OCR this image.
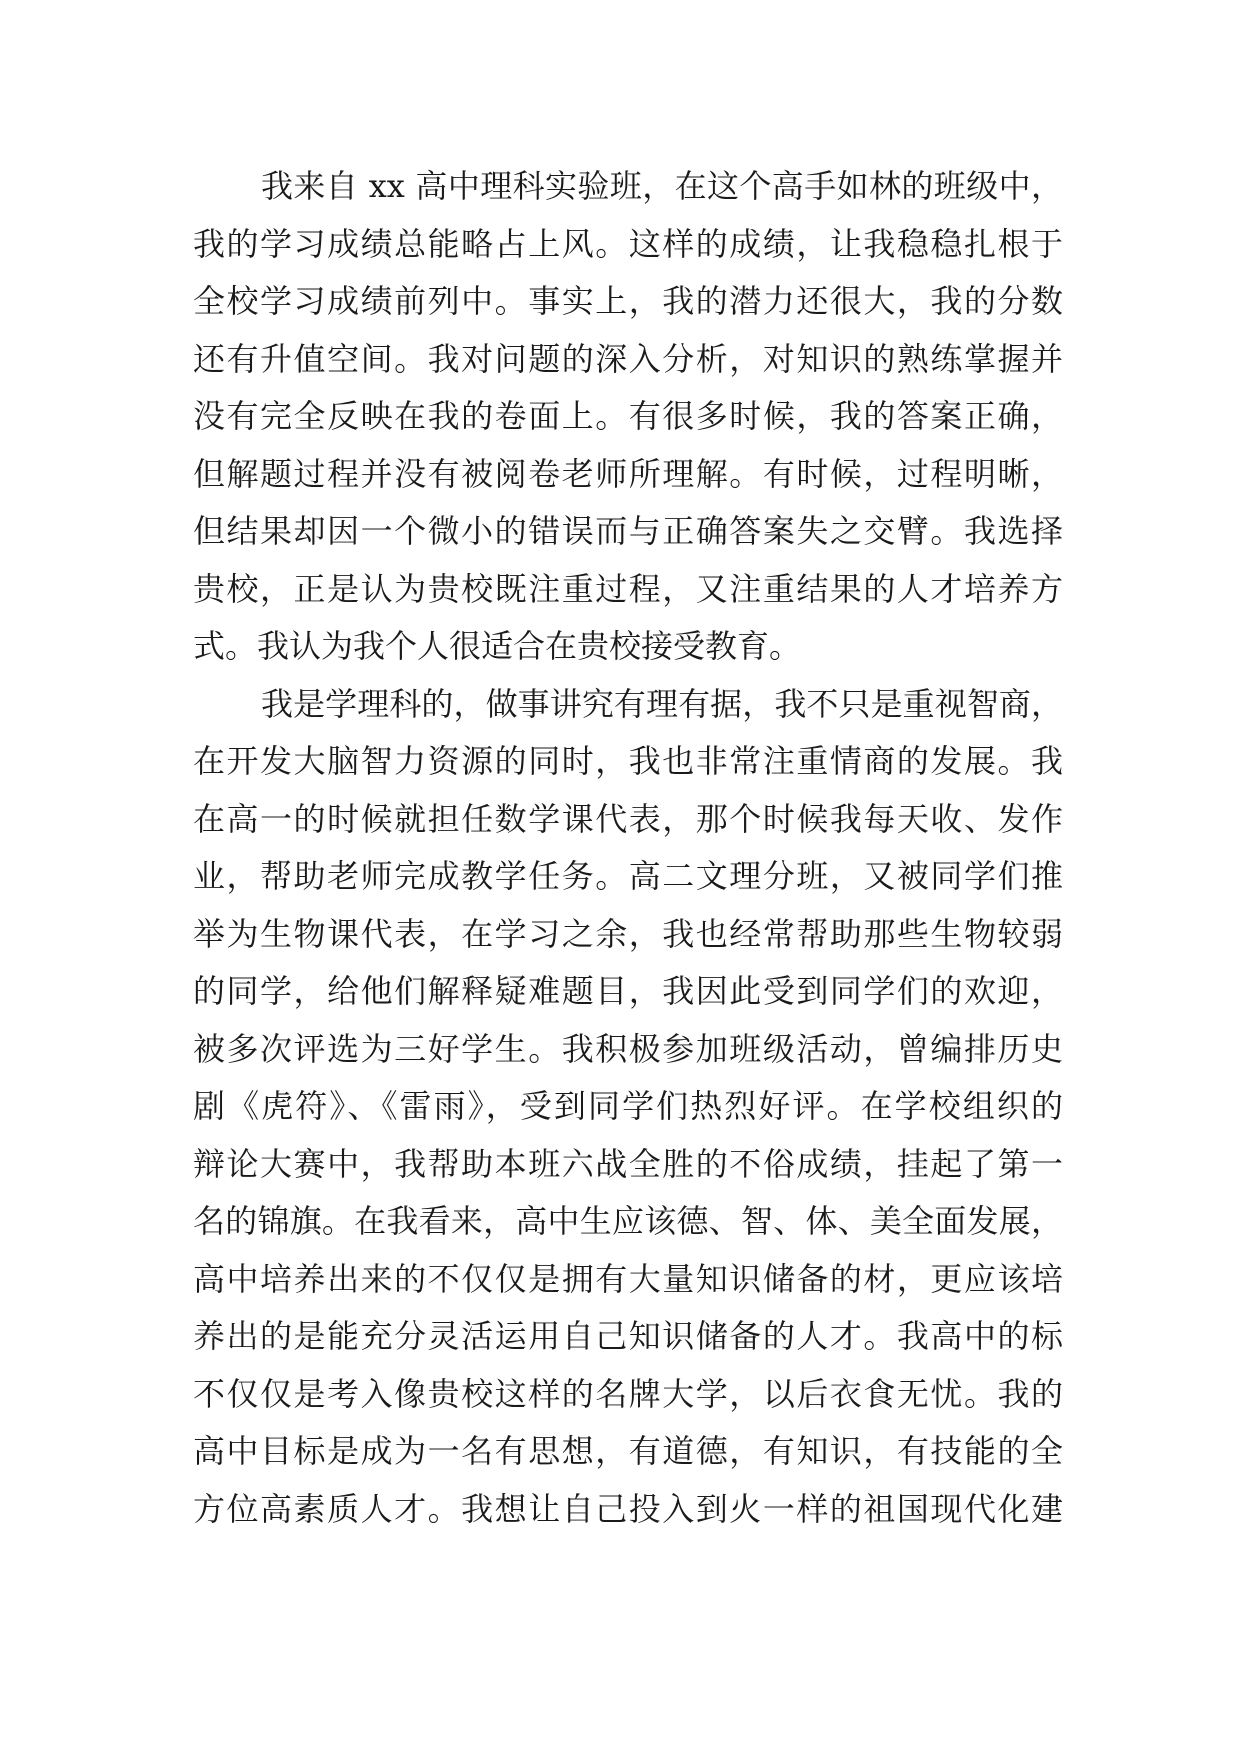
我来自 xx 高中理科实验班，在这个高手如林的班级中，
我的学习成绩总能略占上风。这样的成绩，让我稳稳扎根于
全校学习成绩前列中。事实上，我的潜力还很大，我的分数
还有升值空间。我对问题的深入分析，对知识的熟练掌握并
没有完全反映在我的卷面上。有很多时候，我的答案正确，
但解题过程并没有被阅卷老师所理解。有时候，过程明晰，
但结果却因一个微小的错误而与正确答案失之交臂。我选择
贵校，正是认为贵校既注重过程，又注重结果的人才培养方
式。我认为我个人很适合在贵校接受教育。
我是学理科的，做事讲究有理有据，我不只是重视智商，
在开发大脑智力资源的同时，我也非常注重情商的发展。我
在高一的时候就担任数学课代表，那个时候我每天收、发作
业，帮助老师完成教学任务。高二文理分班，又被同学们推
举为生物课代表，在学习之余，我也经常帮助那些生物较弱
的同学，给他们解释疑难题目，我因此受到同学们的欢迎，
被多次评选为三好学生。我积极参加班级活动，曾编排历史
剧《虎符》、《雷雨》，受到同学们热烈好评。在学校组织的
辩论大赛中，我帮助本班六战全胜的不俗成绩，挂起了第一
名的锦旗。在我看来，高中生应该德、智、体、美全面发展，
高中培养出来的不仅仅是拥有大量知识储备的材，更应该培
养出的是能充分灵活运用自己知识储备的人才。我高中的标
不仅仅是考入像贵校这样的名牌大学，以后衣食无忧。我的
高中目标是成为一名有思想，有道德，有知识，有技能的全
方位高素质人才。我想让自己投入到火一样的祖国现代化建
